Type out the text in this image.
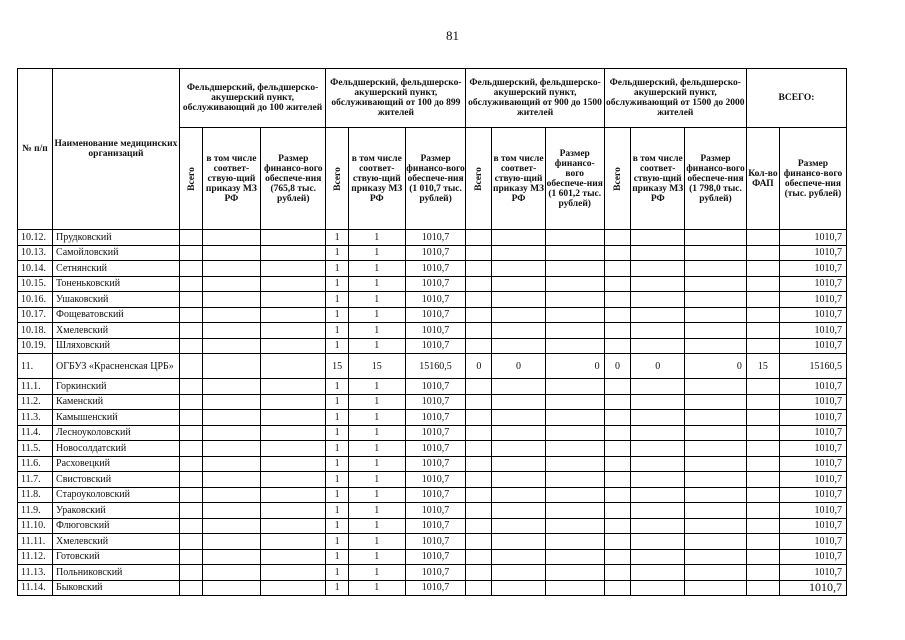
81
№ п/п	Наименование медицинских организаций	Фельдшерский, фельдшерско-акушерский пункт, обслуживающий до 100 жителей			Фельдшерский, фельдшерско-акушерский пункт, обслуживающий от 100 до 899 жителей			Фельдшерский, фельдшерско-акушерский пункт, обслуживающий от 900 до 1500 жителей			Фельдшерский, фельдшерско-акушерский пункт, обслуживающий от 1500 до 2000 жителей			ВСЕГО:	
		Всего	в том числе соответ-ствую-щий приказу МЗ РФ	Размер финансо-вого обеспече-ния (765,8 тыс. рублей)	Всего	в том числе соответ-ствую-щий приказу МЗ РФ	Размер финансо-вого обеспече-ния (1 010,7 тыс. рублей)	Всего	в том числе соответ-ствую-щий приказу МЗ РФ	Размер финансо-вого обеспече-ния (1 601,2 тыс. рублей)	Всего	в том числе соответ-ствую-щий приказу МЗ РФ	Размер финансо-вого обеспече-ния (1 798,0 тыс. рублей)	Кол-во ФАП	Размер финансо-вого обеспече-ния (тыс. рублей)
10.12.	Прудковский				1	1	1010,7								1010,7
10.13.	Самойловский				1	1	1010,7								1010,7
10.14.	Сетнянский				1	1	1010,7								1010,7
10.15.	Тоненьковский				1	1	1010,7								1010,7
10.16.	Ушаковский				1	1	1010,7								1010,7
10.17.	Фощеватовский				1	1	1010,7								1010,7
10.18.	Хмелевский				1	1	1010,7								1010,7
10.19.	Шляховский				1	1	1010,7								1010,7
11.	ОГБУЗ «Красненская ЦРБ»				15	15	15160,5	0	0	0	0	0	0	15	15160,5
11.1.	Горкинский				1	1	1010,7								1010,7
11.2.	Каменский				1	1	1010,7								1010,7
11.3.	Камышенский				1	1	1010,7								1010,7
11.4.	Лесноуколовский				1	1	1010,7								1010,7
11.5.	Новосолдатский				1	1	1010,7								1010,7
11.6.	Расховецкий				1	1	1010,7								1010,7
11.7.	Свистовский				1	1	1010,7								1010,7
11.8.	Староуколовский				1	1	1010,7								1010,7
11.9.	Ураковский				1	1	1010,7								1010,7
11.10.	Флюговский				1	1	1010,7								1010,7
11.11.	Хмелевский				1	1	1010,7								1010,7
11.12.	Готовский				1	1	1010,7								1010,7
11.13.	Польниковский				1	1	1010,7								1010,7
11.14.	Быковский				1	1	1010,7								1010,7
